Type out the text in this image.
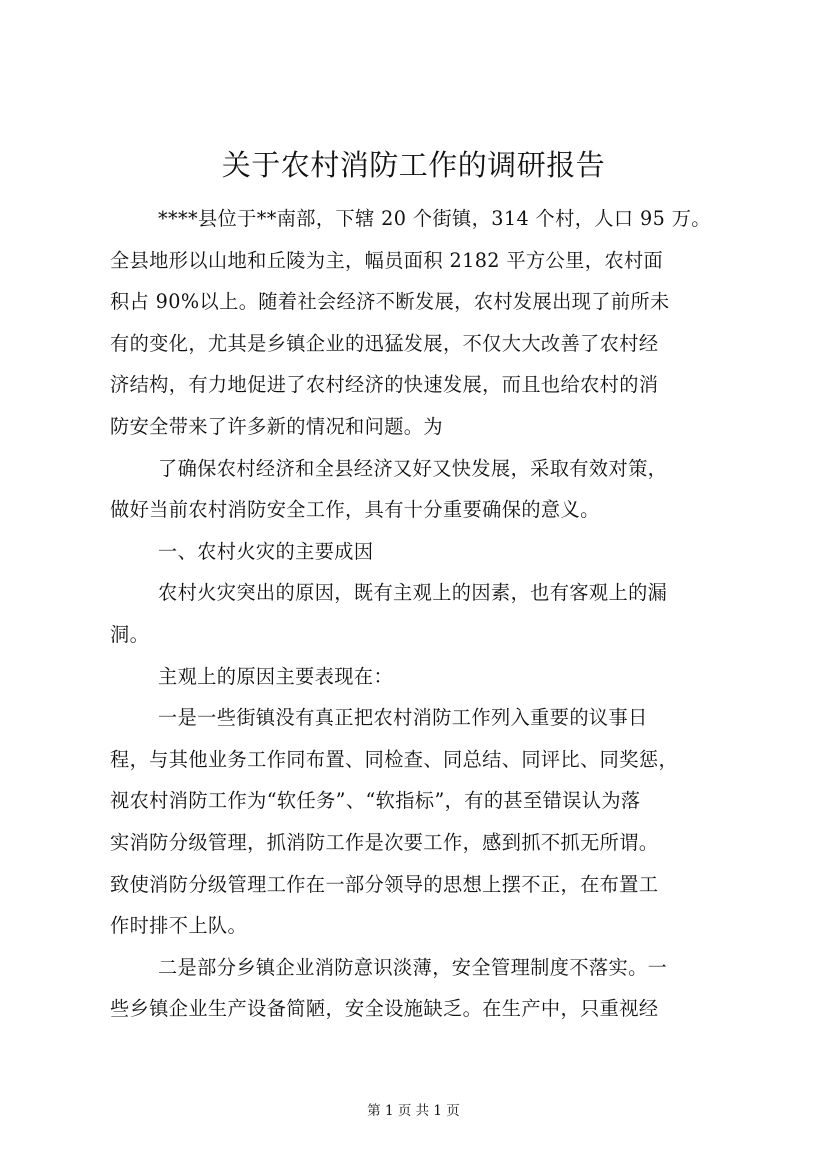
关于农村消防工作的调研报告
****县位于**南部，下辖 20 个街镇，314 个村，人口 95 万。
全县地形以山地和丘陵为主，幅员面积 2182 平方公里，农村面
积占 90%以上。随着社会经济不断发展，农村发展出现了前所未
有的变化，尤其是乡镇企业的迅猛发展，不仅大大改善了农村经
济结构，有力地促进了农村经济的快速发展，而且也给农村的消
防安全带来了许多新的情况和问题。为
了确保农村经济和全县经济又好又快发展，采取有效对策，
做好当前农村消防安全工作，具有十分重要确保的意义。
一、农村火灾的主要成因
农村火灾突出的原因，既有主观上的因素，也有客观上的漏
洞。
主观上的原因主要表现在：
一是一些街镇没有真正把农村消防工作列入重要的议事日
程，与其他业务工作同布置、同检查、同总结、同评比、同奖惩，
视农村消防工作为“软任务”、“软指标”，有的甚至错误认为落
实消防分级管理，抓消防工作是次要工作，感到抓不抓无所谓。
致使消防分级管理工作在一部分领导的思想上摆不正，在布置工
作时排不上队。
二是部分乡镇企业消防意识淡薄，安全管理制度不落实。一
些乡镇企业生产设备简陋，安全设施缺乏。在生产中，只重视经
第 1 页 共 1 页
